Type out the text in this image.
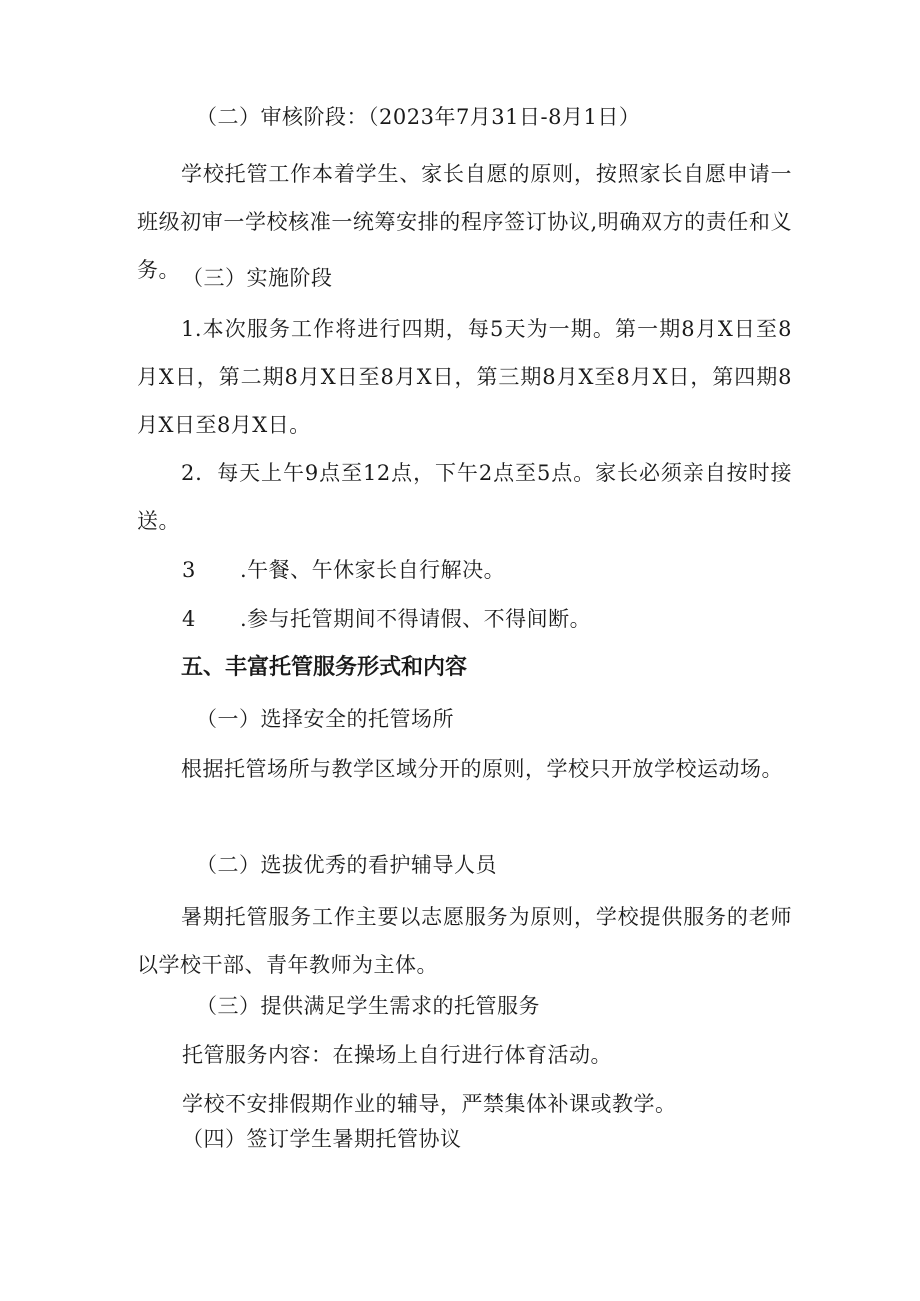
（二）审核阶段：（2023年7月31日-8月1日）

学校托管工作本着学生、家长自愿的原则，按照家长自愿申请一班级初审一学校核准一统筹安排的程序签订协议,明确双方的责任和义务。 （三）实施阶段

1.本次服务工作将进行四期，每5天为一期。第一期8月X日至8月X日，第二期8月X日至8月X日，第三期8月X至8月X日，第四期8月X日至8月X日。

2．每天上午9点至12点，下午2点至5点。家长必须亲自按时接送。

3 .午餐、午休家长自行解决。

4 .参与托管期间不得请假、不得间断。

五、丰富托管服务形式和内容

（一）选择安全的托管场所

根据托管场所与教学区域分开的原则，学校只开放学校运动场。

（二）选拔优秀的看护辅导人员

暑期托管服务工作主要以志愿服务为原则，学校提供服务的老师以学校干部、青年教师为主体。

（三）提供满足学生需求的托管服务

托管服务内容：在操场上自行进行体育活动。

学校不安排假期作业的辅导，严禁集体补课或教学。

（四）签订学生暑期托管协议
